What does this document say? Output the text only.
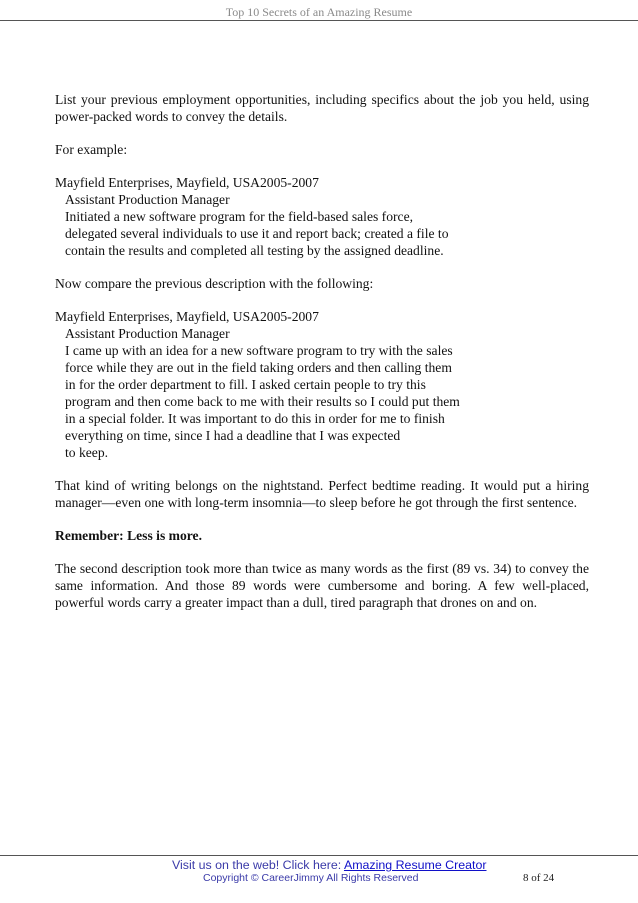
Top 10 Secrets of an Amazing Resume

List your previous employment opportunities, including specifics about the job you held, using power-packed words to convey the details.

For example:

Mayfield Enterprises, Mayfield, USA2005-2007
Assistant Production Manager
Initiated a new software program for the field-based sales force,
delegated several individuals to use it and report back; created a file to
contain the results and completed all testing by the assigned deadline.

Now compare the previous description with the following:

Mayfield Enterprises, Mayfield, USA2005-2007
Assistant Production Manager
I came up with an idea for a new software program to try with the sales
force while they are out in the field taking orders and then calling them
in for the order department to fill. I asked certain people to try this
program and then come back to me with their results so I could put them
in a special folder. It was important to do this in order for me to finish
everything on time, since I had a deadline that I was expected
to keep.

That kind of writing belongs on the nightstand. Perfect bedtime reading. It would put a hiring manager—even one with long-term insomnia—to sleep before he got through the first sentence.

Remember: Less is more.

The second description took more than twice as many words as the first (89 vs. 34) to convey the same information. And those 89 words were cumbersome and boring. A few well-placed, powerful words carry a greater impact than a dull, tired paragraph that drones on and on.

Visit us on the web! Click here: Amazing Resume Creator
Copyright © CareerJimmy All Rights Reserved	8 of 24
